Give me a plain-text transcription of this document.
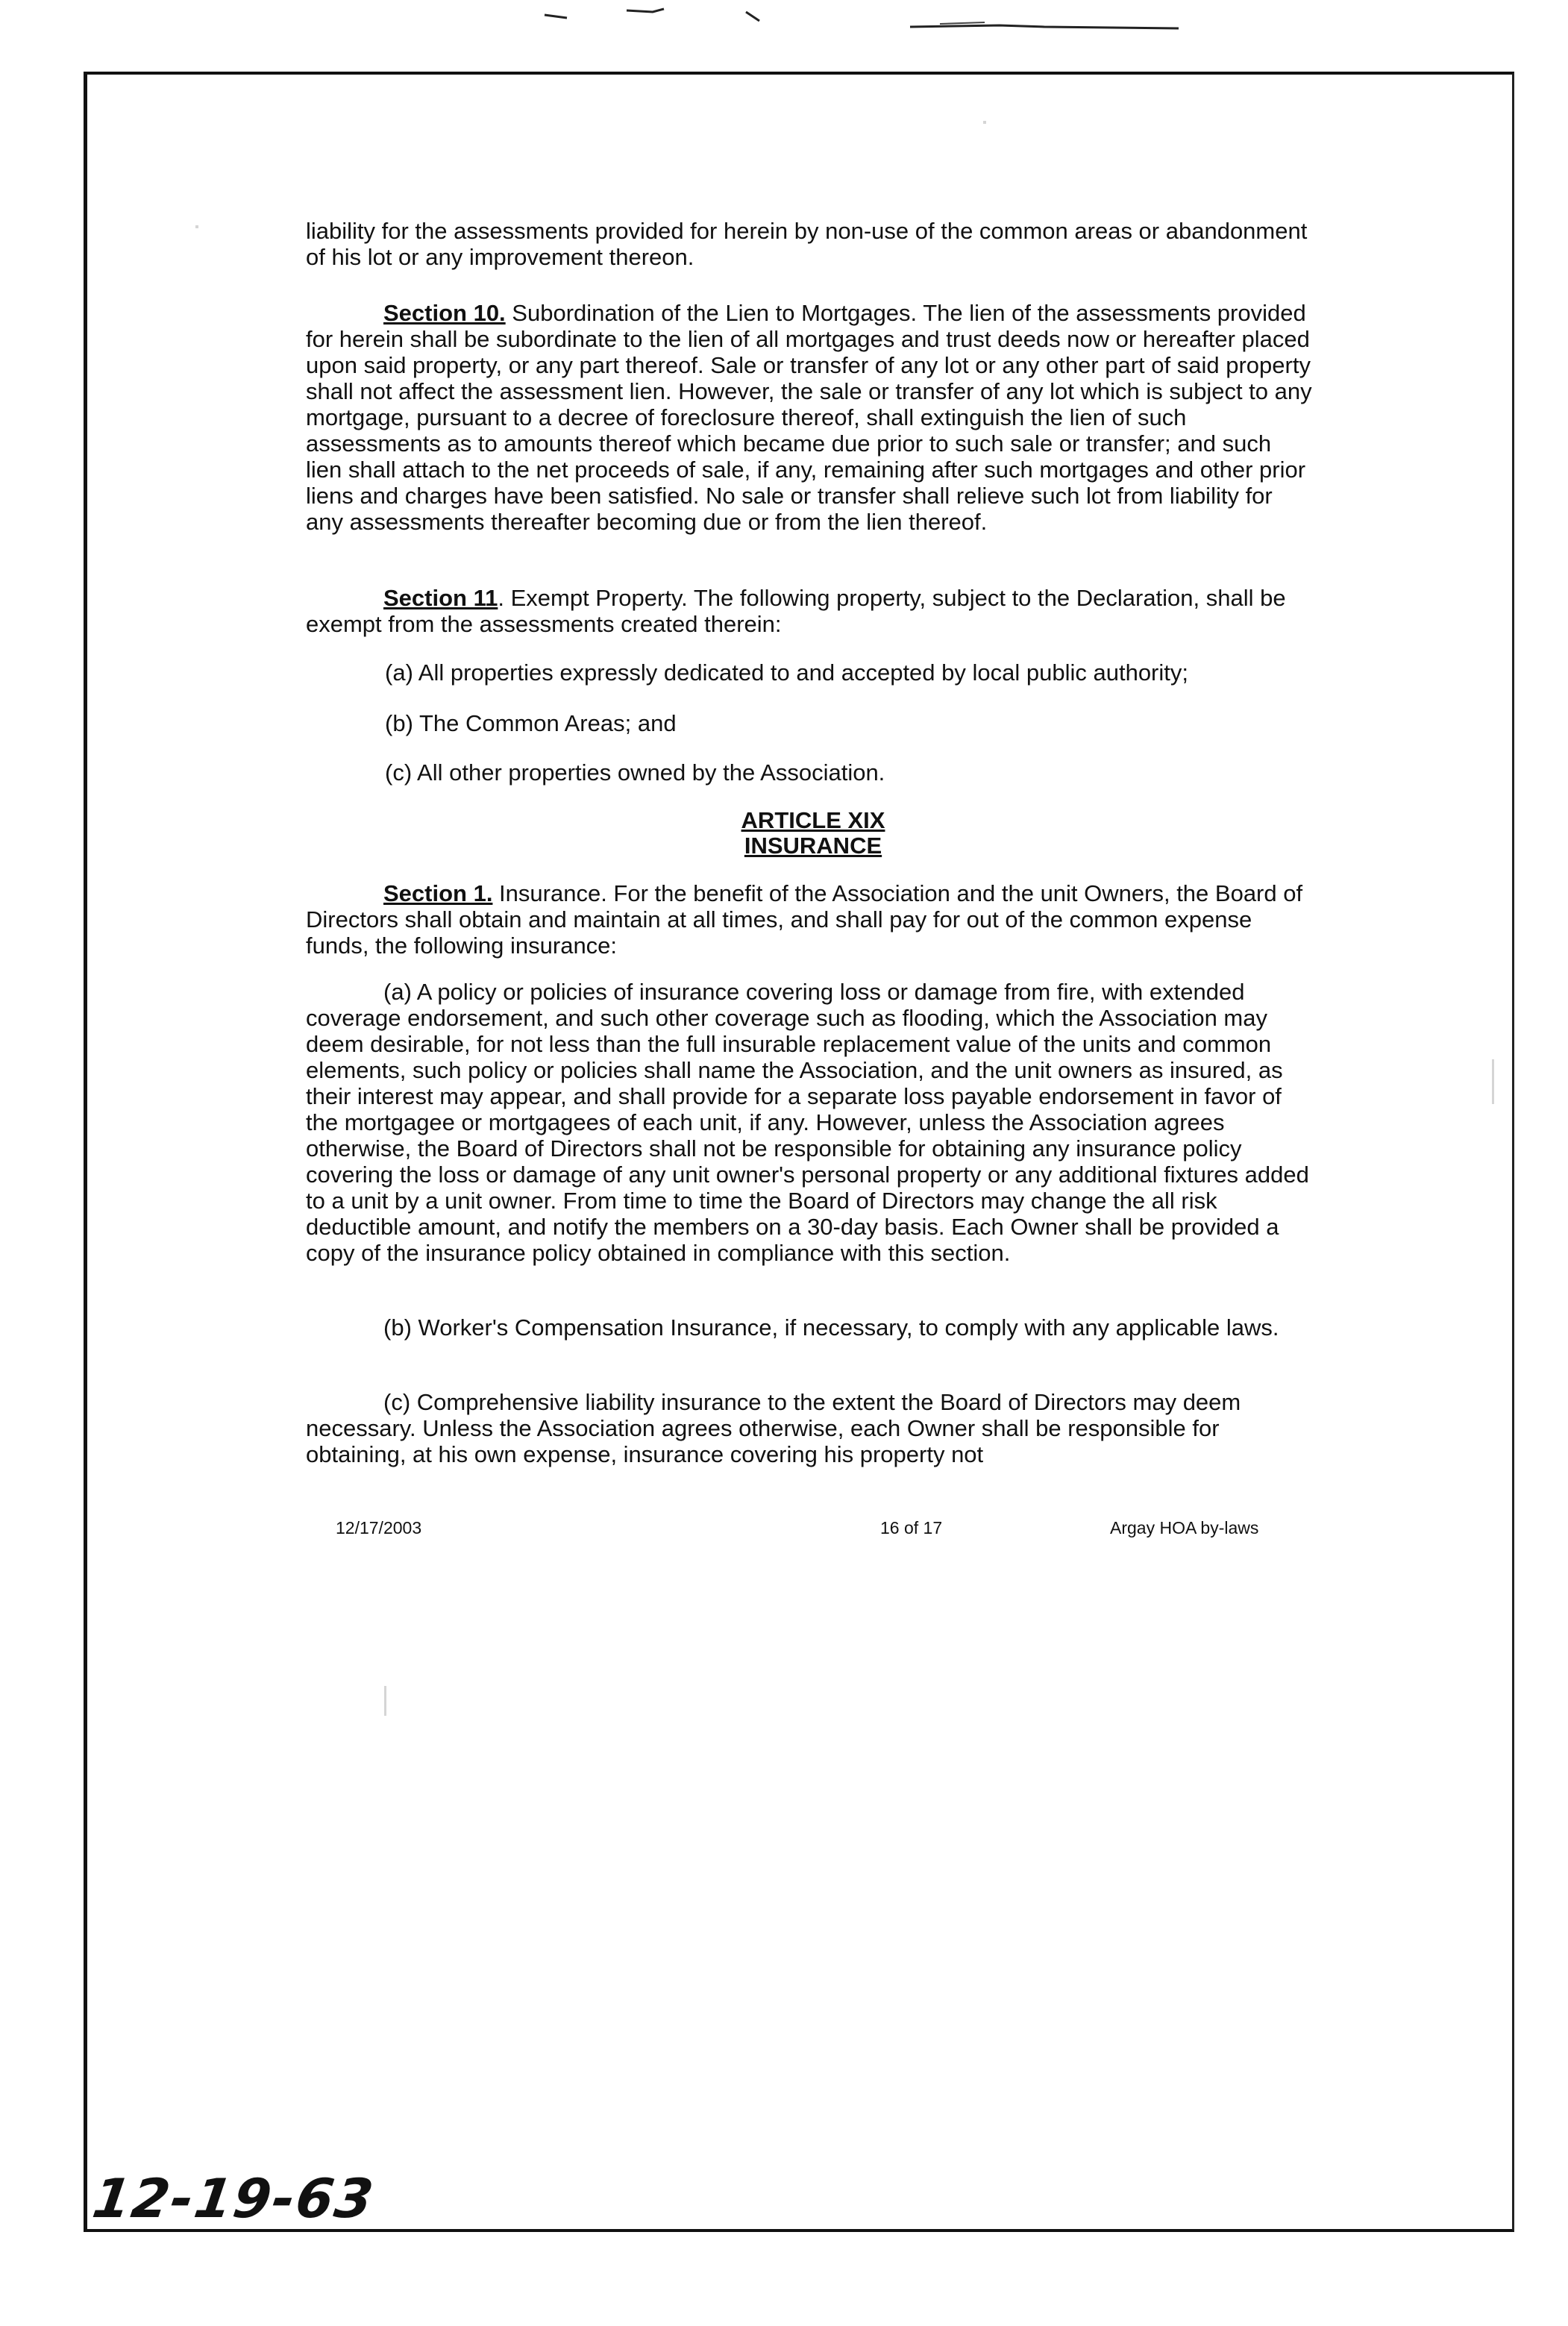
liability for the assessments provided for herein by non-use of the common areas or abandonment of his lot or any improvement thereon.

Section 10. Subordination of the Lien to Mortgages. The lien of the assessments provided for herein shall be subordinate to the lien of all mortgages and trust deeds now or hereafter placed upon said property, or any part thereof. Sale or transfer of any lot or any other part of said property shall not affect the assessment lien. However, the sale or transfer of any lot which is subject to any mortgage, pursuant to a decree of foreclosure thereof, shall extinguish the lien of such assessments as to amounts thereof which became due prior to such sale or transfer; and such lien shall attach to the net proceeds of sale, if any, remaining after such mortgages and other prior liens and charges have been satisfied. No sale or transfer shall relieve such lot from liability for any assessments thereafter becoming due or from the lien thereof.

Section 11. Exempt Property. The following property, subject to the Declaration, shall be exempt from the assessments created therein:

(a) All properties expressly dedicated to and accepted by local public authority;
(b) The Common Areas; and
(c) All other properties owned by the Association.
ARTICLE XIX
INSURANCE

Section 1. Insurance. For the benefit of the Association and the unit Owners, the Board of Directors shall obtain and maintain at all times, and shall pay for out of the common expense funds, the following insurance:

(a) A policy or policies of insurance covering loss or damage from fire, with extended coverage endorsement, and such other coverage such as flooding, which the Association may deem desirable, for not less than the full insurable replacement value of the units and common elements, such policy or policies shall name the Association, and the unit owners as insured, as their interest may appear, and shall provide for a separate loss payable endorsement in favor of the mortgagee or mortgagees of each unit, if any. However, unless the Association agrees otherwise, the Board of Directors shall not be responsible for obtaining any insurance policy covering the loss or damage of any unit owner's personal property or any additional fixtures added to a unit by a unit owner. From time to time the Board of Directors may change the all risk deductible amount, and notify the members on a 30-day basis. Each Owner shall be provided a copy of the insurance policy obtained in compliance with this section.

(b) Worker's Compensation Insurance, if necessary, to comply with any applicable laws.

(c) Comprehensive liability insurance to the extent the Board of Directors may deem necessary. Unless the Association agrees otherwise, each Owner shall be responsible for obtaining, at his own expense, insurance covering his property not

12/17/2003	16 of 17	Argay HOA by-laws
12-19-63
